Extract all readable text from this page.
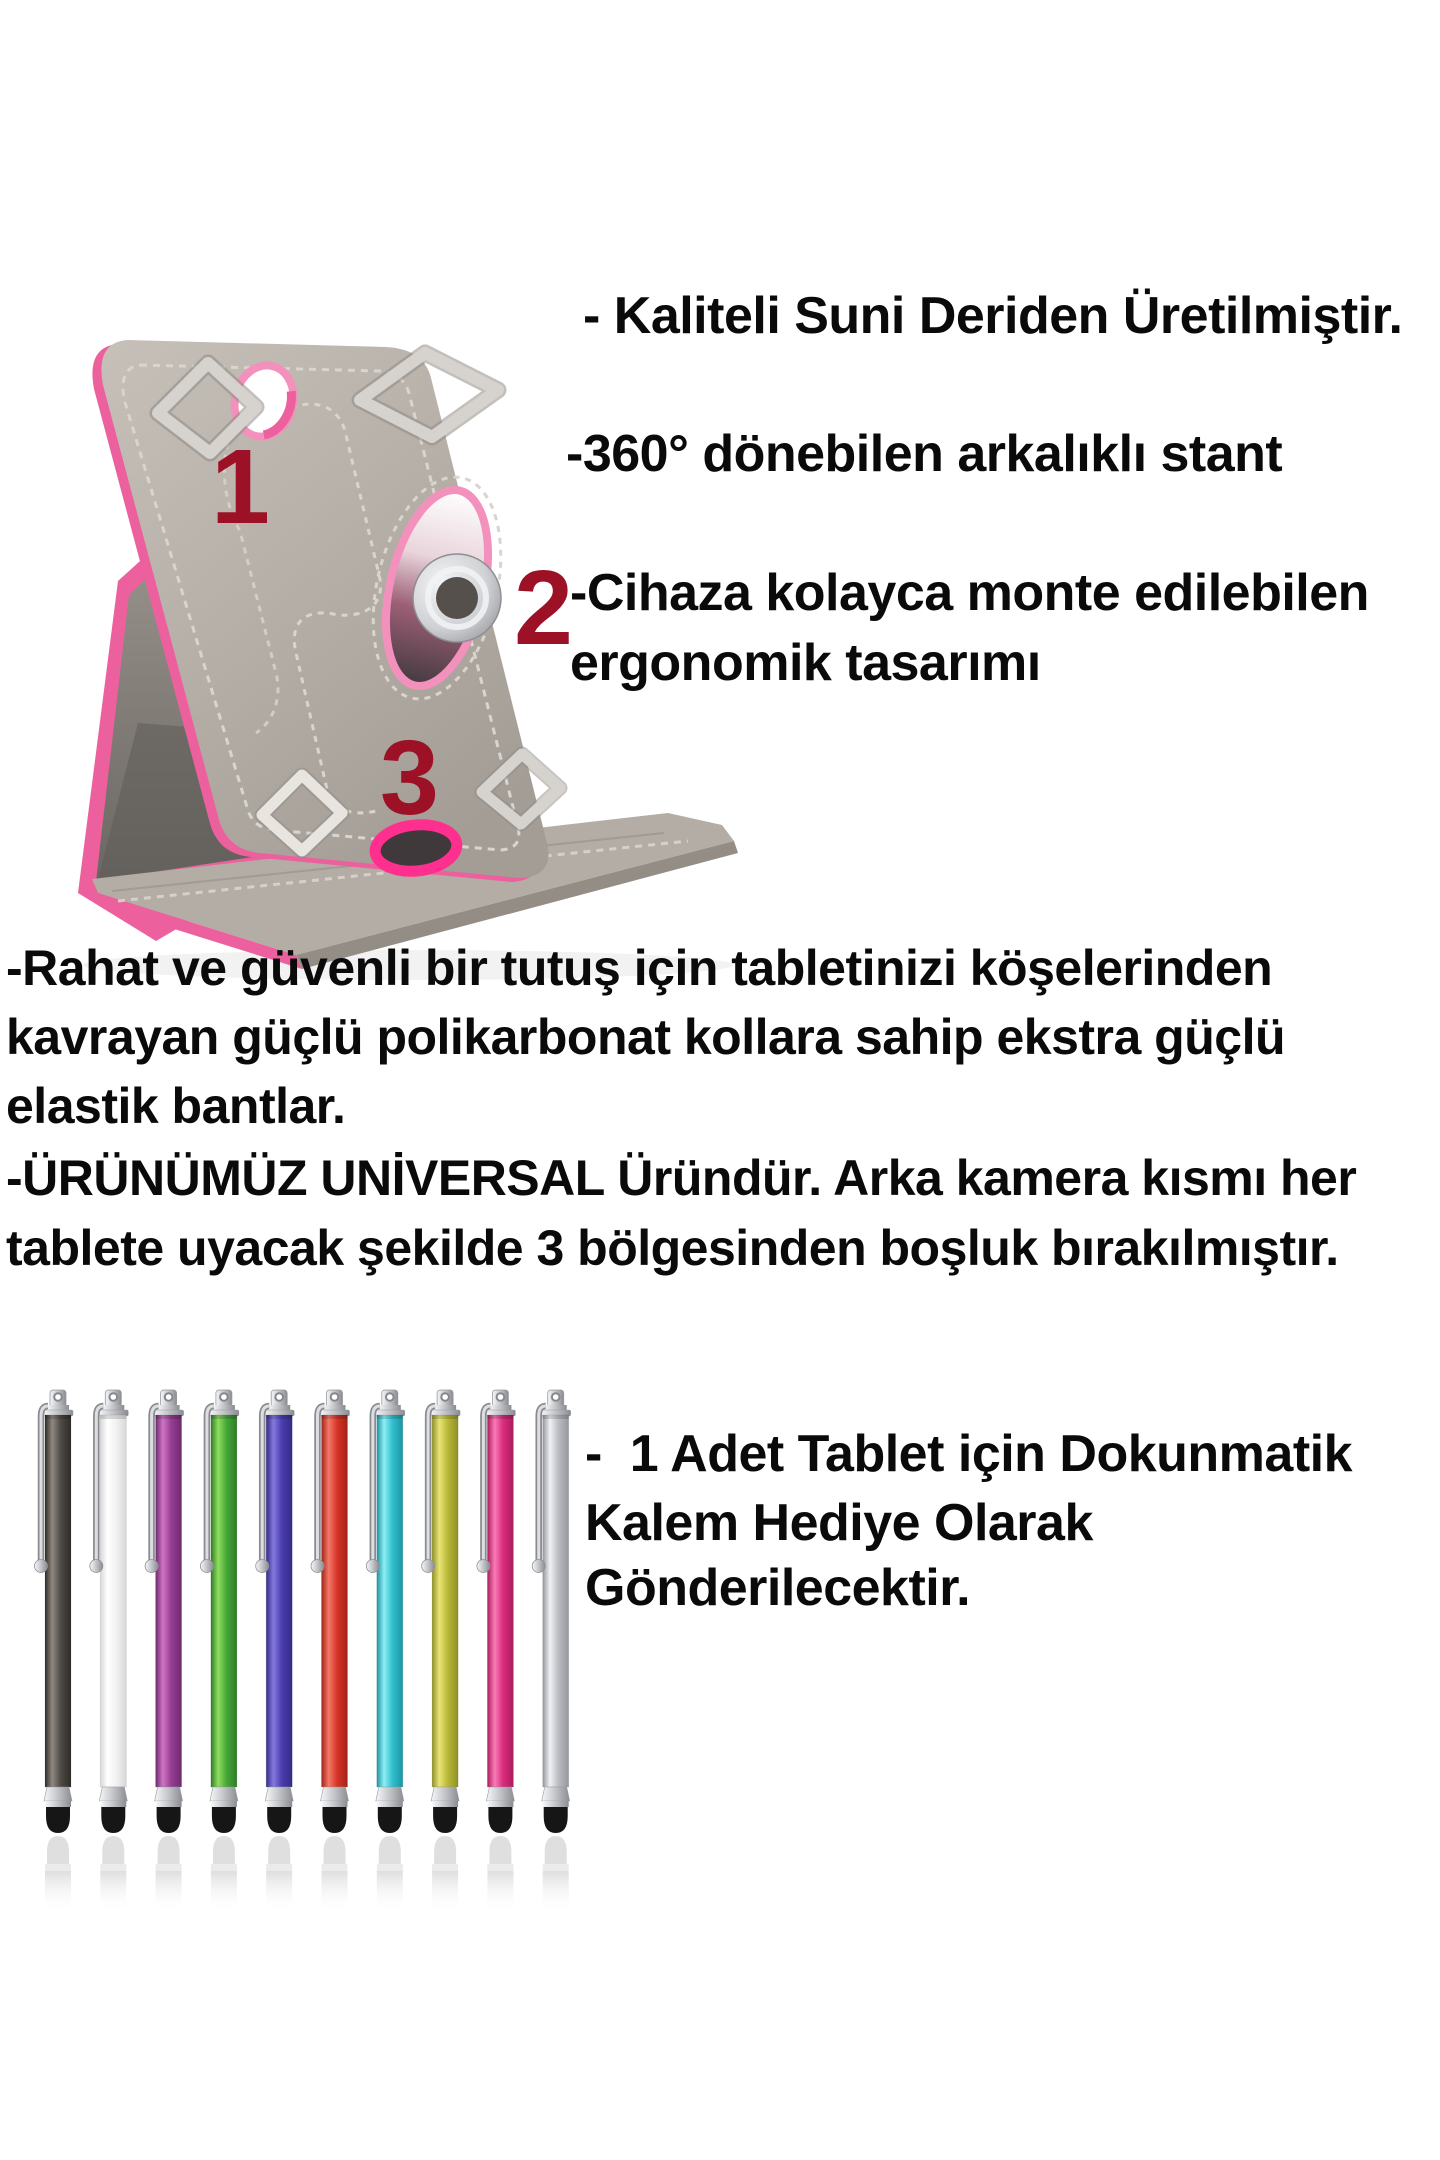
1
2
3
- Kaliteli Suni Deriden Üretilmiştir.
-360° dönebilen arkalıklı stant
-Cihaza kolayca monte edilebilen
ergonomik tasarımı
-Rahat ve güvenli bir tutuş için tabletinizi köşelerinden
kavrayan güçlü polikarbonat kollara sahip ekstra güçlü
elastik bantlar.
-ÜRÜNÜMÜZ UNİVERSAL Üründür. Arka kamera kısmı her
tablete uyacak şekilde 3 bölgesinden boşluk bırakılmıştır.
-  1 Adet Tablet için Dokunmatik
Kalem Hediye Olarak
Gönderilecektir.
